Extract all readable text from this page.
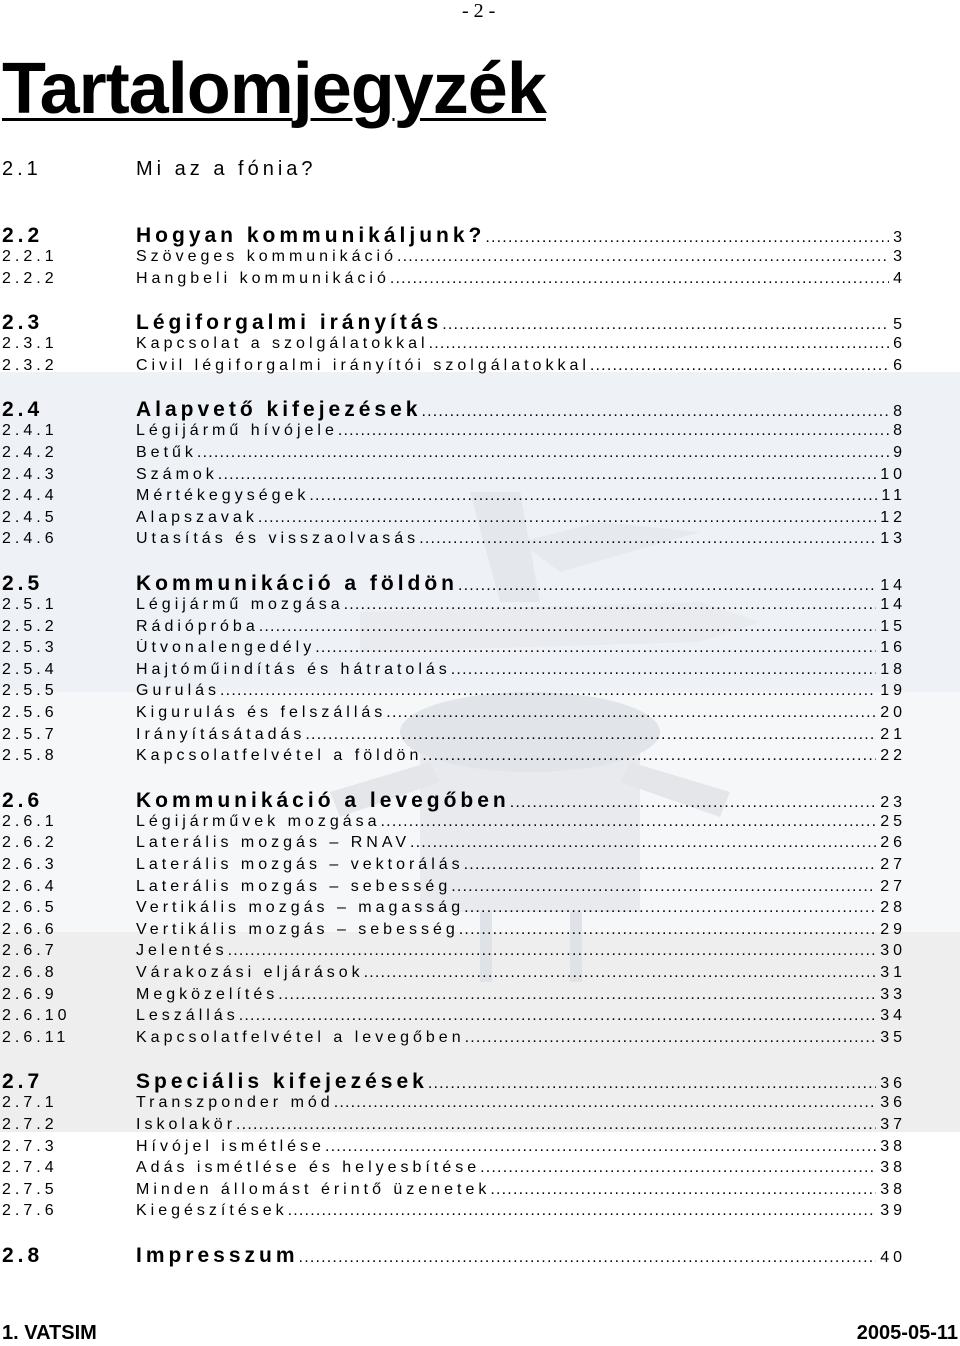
- 2 -
Tartalomjegyzék
2.1	Mi az a fónia?
2.2	Hogyan kommunikáljunk? .....	3
2.2.1	Szöveges kommunikáció .....	3
2.2.2	Hangbeli kommunikáció .....	4
2.3	Légiforgalmi irányítás .....	5
2.3.1	Kapcsolat a szolgálatokkal .....	6
2.3.2	Civil légiforgalmi irányítói szolgálatokkal .....	6
2.4	Alapvető kifejezések .....	8
2.4.1	Légijármű hívójele .....	8
2.4.2	Betűk .....	9
2.4.3	Számok .....	10
2.4.4	Mértékegységek .....	11
2.4.5	Alapszavak .....	12
2.4.6	Utasítás és visszaolvasás .....	13
2.5	Kommunikáció a földön .....	14
2.5.1	Légijármű mozgása .....	14
2.5.2	Rádiópróba .....	15
2.5.3	Útvonalengedély .....	16
2.5.4	Hajtóműindítás és hátratolás .....	18
2.5.5	Gurulás .....	19
2.5.6	Kigurulás és felszállás .....	20
2.5.7	Irányításátadás .....	21
2.5.8	Kapcsolatfelvétel a földön .....	22
2.6	Kommunikáció a levegőben .....	23
2.6.1	Légijárművek mozgása .....	25
2.6.2	Laterális mozgás – RNAV .....	26
2.6.3	Laterális mozgás – vektorálás .....	27
2.6.4	Laterális mozgás – sebesség .....	27
2.6.5	Vertikális mozgás – magasság .....	28
2.6.6	Vertikális mozgás – sebesség .....	29
2.6.7	Jelentés .....	30
2.6.8	Várakozási eljárások .....	31
2.6.9	Megközelítés .....	33
2.6.10	Leszállás .....	34
2.6.11	Kapcsolatfelvétel a levegőben .....	35
2.7	Speciális kifejezések .....	36
2.7.1	Transzponder mód .....	36
2.7.2	Iskolakör .....	37
2.7.3	Hívójel ismétlése .....	38
2.7.4	Adás ismétlése és helyesbítése .....	38
2.7.5	Minden állomást érintő üzenetek .....	38
2.7.6	Kiegészítések .....	39
2.8	Impresszum .....	40
1. VATSIM	2005-05-11
